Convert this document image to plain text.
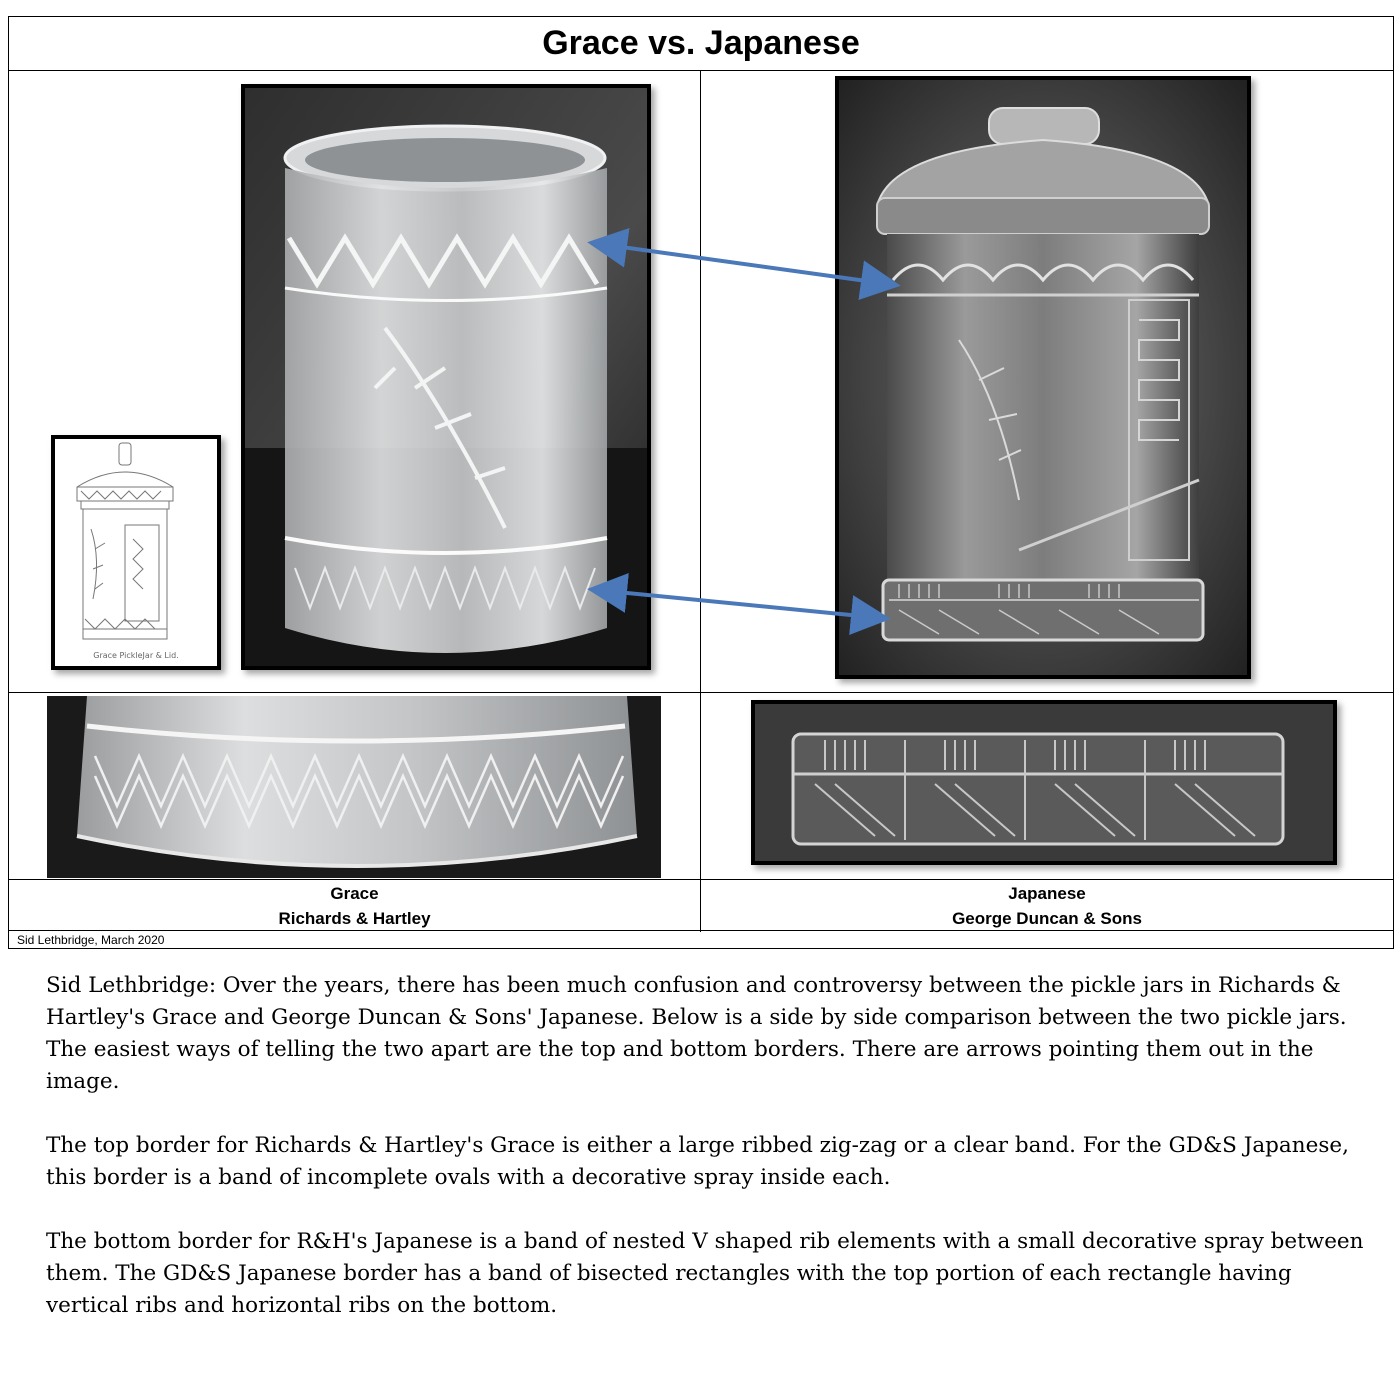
Grace vs. Japanese
Grace PickleJar & Lid.
Grace
Richards & Hartley
Japanese
George Duncan & Sons
Sid Lethbridge, March 2020

Sid Lethbridge: Over the years, there has been much confusion and controversy between the pickle jars in Richards & Hartley's Grace and George Duncan & Sons' Japanese. Below is a side by side comparison between the two pickle jars. The easiest ways of telling the two apart are the top and bottom borders. There are arrows pointing them out in the image.

The top border for Richards & Hartley's Grace is either a large ribbed zig-zag or a clear band. For the GD&S Japanese, this border is a band of incomplete ovals with a decorative spray inside each.

The bottom border for R&H's Japanese is a band of nested V shaped rib elements with a small decorative spray between them. The GD&S Japanese border has a band of bisected rectangles with the top portion of each rectangle having vertical ribs and horizontal ribs on the bottom.
